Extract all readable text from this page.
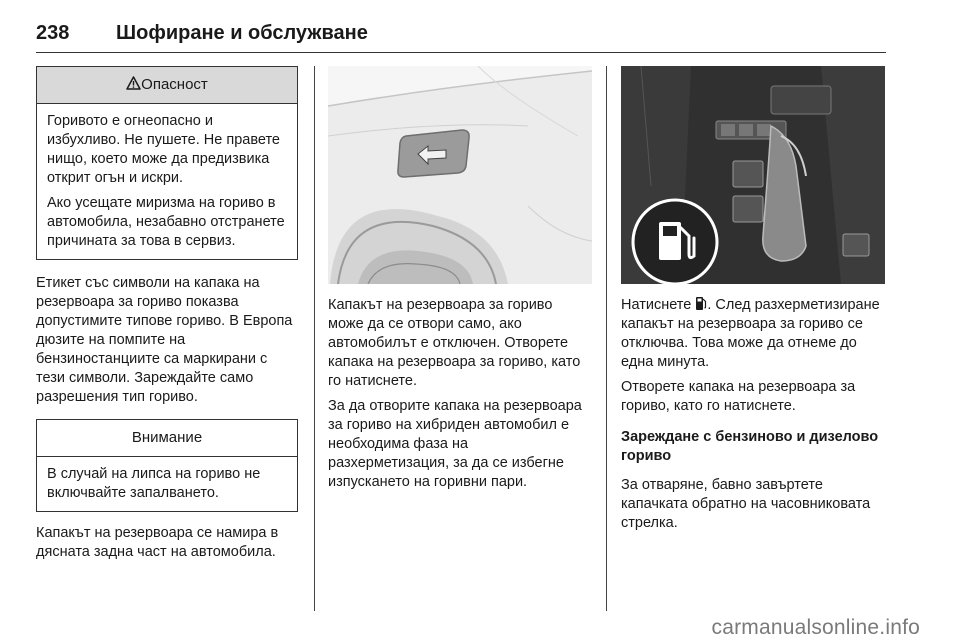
238 Шофиране и обслужване
Опасност

Горивото е огнеопасно и избухливо. Не пушете. Не правете нищо, което може да предизвика открит огън и искри.

Ако усещате миризма на гориво в автомобила, незабавно отстранете причината за това в сервиз.

Етикет със символи на капака на резервоара за гориво показва допустимите типове гориво. В Европа дюзите на помпите на бензиностанциите са маркирани с тези символи. Зареждайте само разрешения тип гориво.

Внимание

В случай на липса на гориво не включвайте запалването.

Капакът на резервоара се намира в дясната задна част на автомобила.

Капакът на резервоара за гориво може да се отвори само, ако автомобилът е отключен. Отворете капака на резервоара за гориво, като го натиснете.

За да отворите капака на резервоара за гориво на хибриден автомобил е необходима фаза на разхерметизация, за да се избегне изпускането на горивни пари.

Натиснете . След разхерметизиране капакът на резервоара за гориво се отключва. Това може да отнеме до една минута.

Отворете капака на резервоара за гориво, като го натиснете.

Зареждане с бензиново и дизелово гориво

За отваряне, бавно завъртете капачката обратно на часовниковата стрелка.

carmanualsonline.info
